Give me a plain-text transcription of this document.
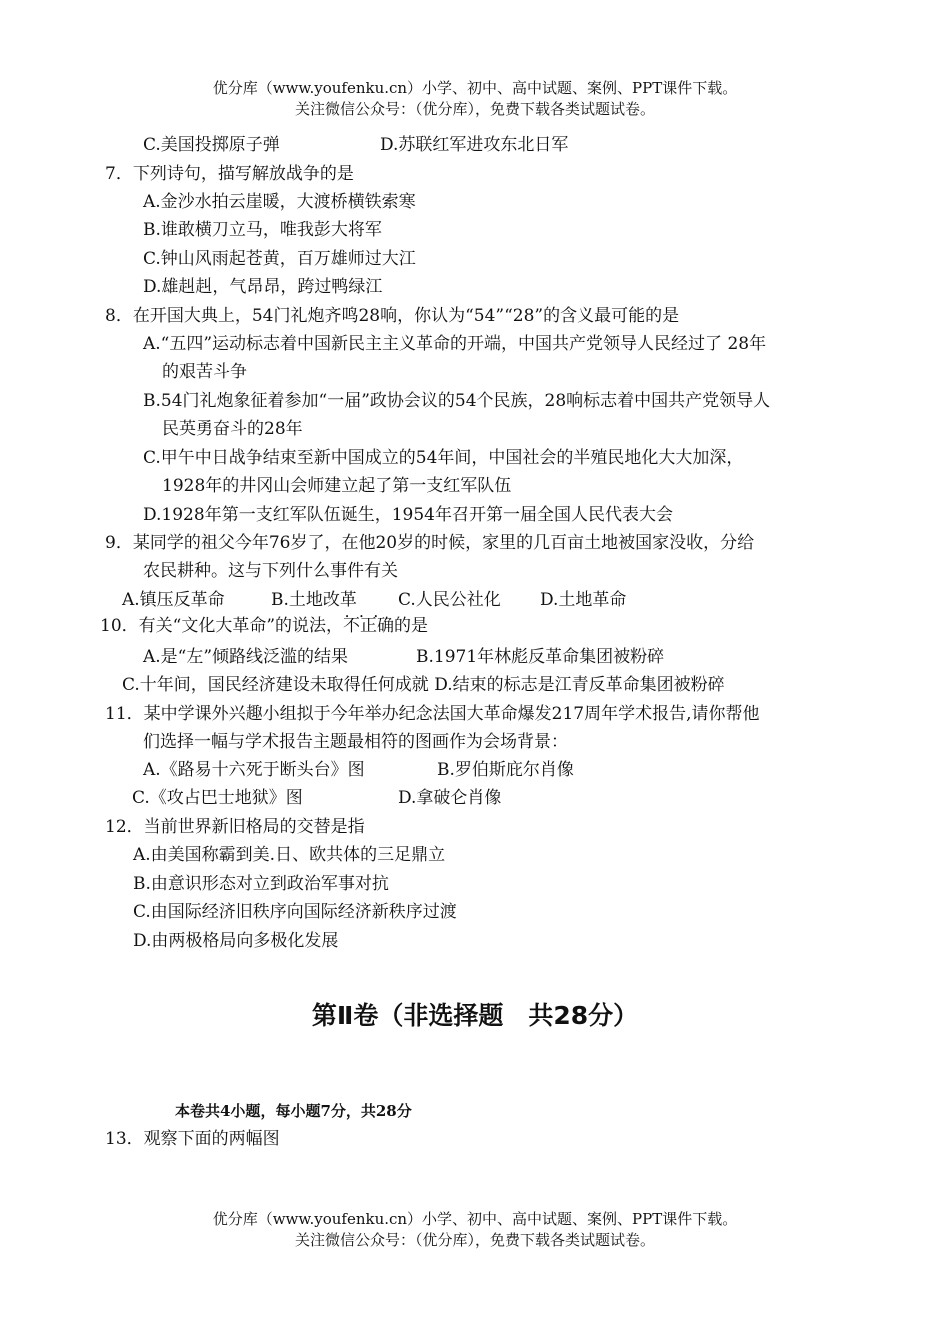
优分库（www.youfenku.cn）小学、初中、高中试题、案例、PPT课件下载。

关注微信公众号：（优分库），免费下载各类试题试卷。

C.美国投掷原子弹	D.苏联红军进攻东北日军
7．下列诗句，描写解放战争的是
A.金沙水拍云崖暖，大渡桥横铁索寒
B.谁敢横刀立马，唯我彭大将军
C.钟山风雨起苍黄，百万雄师过大江
D.雄赳赳，气昂昂，跨过鸭绿江
8．在开国大典上，54门礼炮齐鸣28响，你认为“54”“28”的含义最可能的是
A.“五四”运动标志着中国新民主主义革命的开端，中国共产党领导人民经过了 28年
的艰苦斗争
B.54门礼炮象征着参加“一届”政协会议的54个民族，28响标志着中国共产党领导人
民英勇奋斗的28年
C.甲午中日战争结束至新中国成立的54年间，中国社会的半殖民地化大大加深，
1928年的井冈山会师建立起了第一支红军队伍
D.1928年第一支红军队伍诞生，1954年召开第一届全国人民代表大会
9．某同学的祖父今年76岁了，在他20岁的时候，家里的几百亩土地被国家没收，分给
农民耕种。这与下列什么事件有关
A.镇压反革命	B.土地改革 C.人民公社化 D.土地革命
10．有关“文化大革命”的说法，不正确 • • •的是
A.是“左”倾路线泛滥的结果	B.1971年林彪反革命集团被粉碎
C.十年间，国民经济建设未取得任何成就 D.结束的标志是江青反革命集团被粉碎
11．某中学课外兴趣小组拟于今年举办纪念法国大革命爆发217周年学术报告,请你帮他
们选择一幅与学术报告主题最相符的图画作为会场背景：
A.《路易十六死于断头台》图	B.罗伯斯庇尔肖像
C.《攻占巴士地狱》图	D.拿破仑肖像
12．当前世界新旧格局的交替是指
A.由美国称霸到美.日、欧共体的三足鼎立
B.由意识形态对立到政治军事对抗
C.由国际经济旧秩序向国际经济新秩序过渡
D.由两极格局向多极化发展
第Ⅱ卷（非选择题　共28分）
本卷共4小题，每小题7分，共28分
13．观察下面的两幅图

优分库（www.youfenku.cn）小学、初中、高中试题、案例、PPT课件下载。

关注微信公众号：（优分库），免费下载各类试题试卷。
